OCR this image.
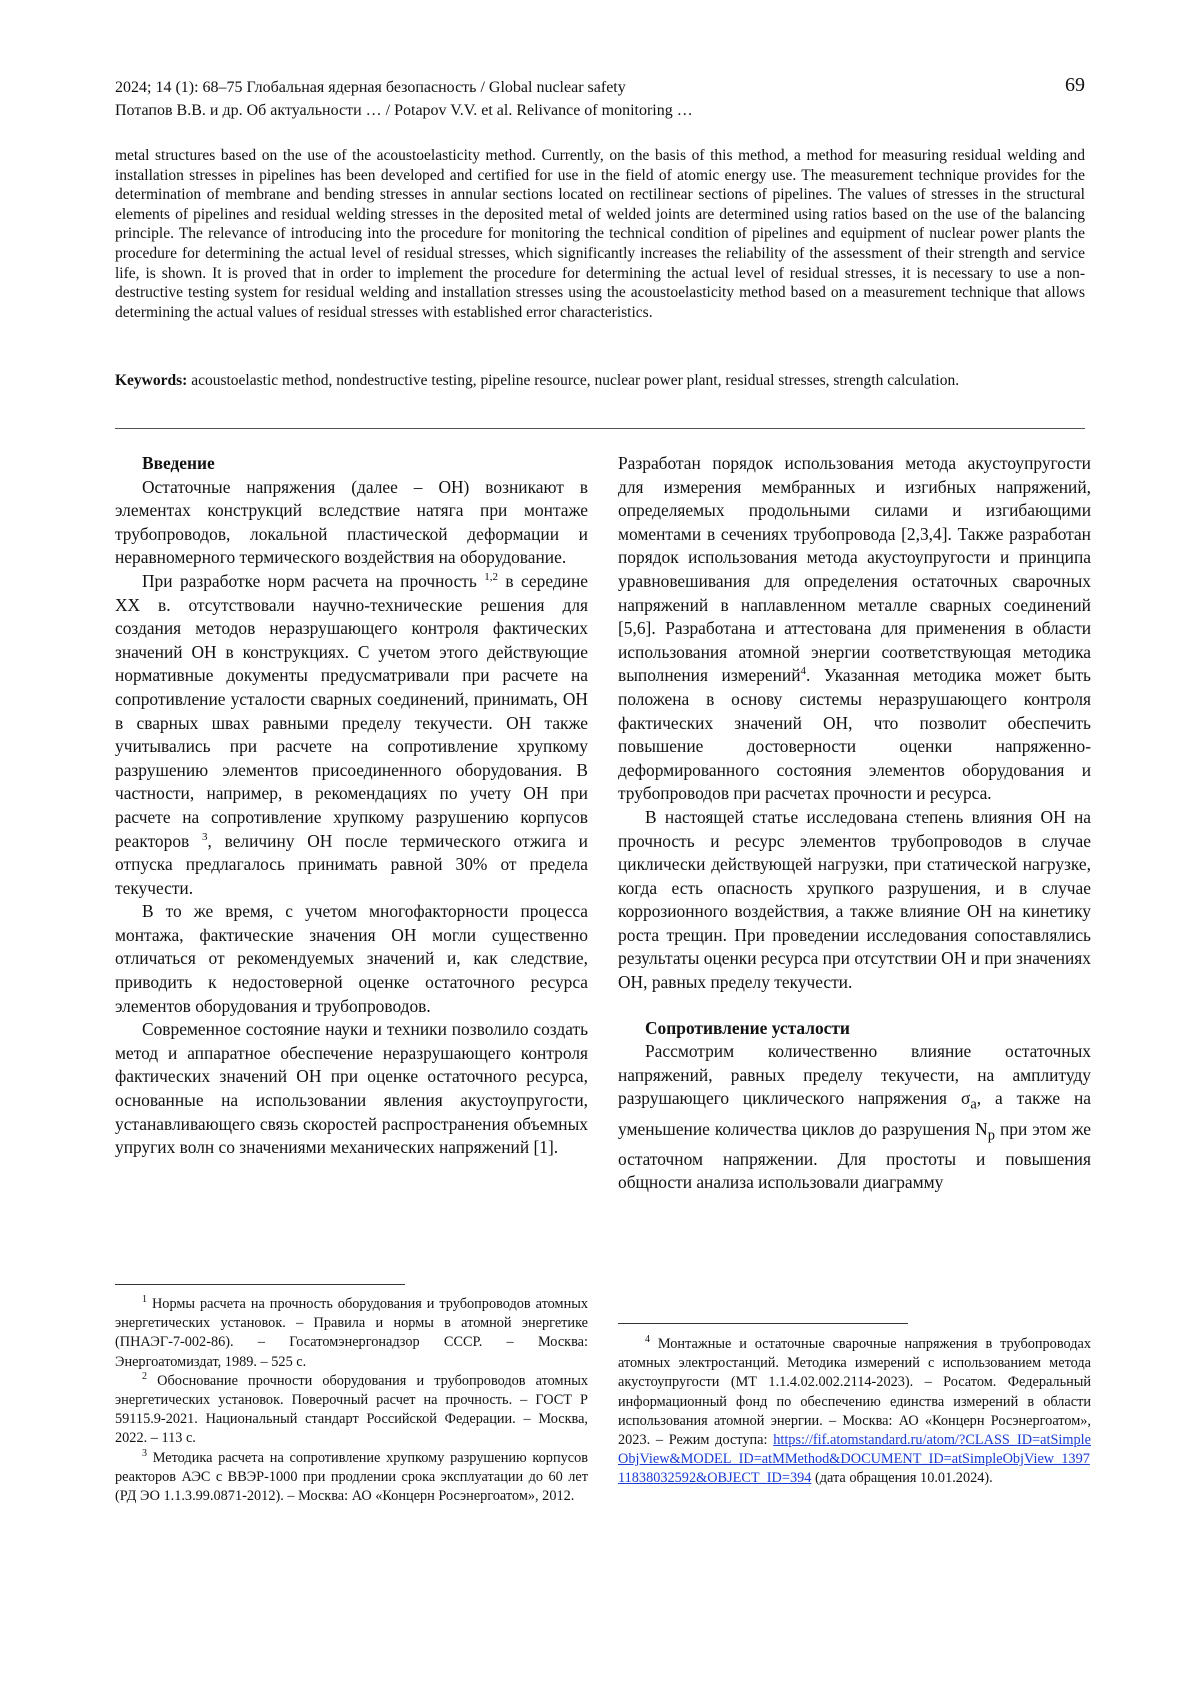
2024; 14 (1): 68–75 Глобальная ядерная безопасность / Global nuclear safety
Потапов В.В. и др. Об актуальности … / Potapov V.V. et al. Relivance of monitoring …
69
metal structures based on the use of the acoustoelasticity method. Currently, on the basis of this method, a method for measuring residual welding and installation stresses in pipelines has been developed and certified for use in the field of atomic energy use. The measurement technique provides for the determination of membrane and bending stresses in annular sections located on rectilinear sections of pipelines. The values of stresses in the structural elements of pipelines and residual welding stresses in the deposited metal of welded joints are determined using ratios based on the use of the balancing principle. The relevance of introducing into the procedure for monitoring the technical condition of pipelines and equipment of nuclear power plants the procedure for determining the actual level of residual stresses, which significantly increases the reliability of the assessment of their strength and service life, is shown. It is proved that in order to implement the procedure for determining the actual level of residual stresses, it is necessary to use a non-destructive testing system for residual welding and installation stresses using the acoustoelasticity method based on a measurement technique that allows determining the actual values of residual stresses with established error characteristics.
Keywords: acoustoelastic method, nondestructive testing, pipeline resource, nuclear power plant, residual stresses, strength calculation.
Введение

Остаточные напряжения (далее – ОН) возникают в элементах конструкций вследствие натяга при монтаже трубопроводов, локальной пластической деформации и неравномерного термического воздействия на оборудование.

При разработке норм расчета на прочность $^{1,2}$ в середине XX в. отсутствовали научно-технические решения для создания методов неразрушающего контроля фактических значений ОН в конструкциях. С учетом этого действующие нормативные документы предусматривали при расчете на сопротивление усталости сварных соединений, принимать, ОН в сварных швах равными пределу текучести. ОН также учитывались при расчете на сопротивление хрупкому разрушению элементов присоединенного оборудования. В частности, например, в рекомендациях по учету ОН при расчете на сопротивление хрупкому разрушению корпусов реакторов $^3$, величину ОН после термического отжига и отпуска предлагалось принимать равной 30% от предела текучести.

В то же время, с учетом многофакторности процесса монтажа, фактические значения ОН могли существенно отличаться от рекомендуемых значений и, как следствие, приводить к недостоверной оценке остаточного ресурса элементов оборудования и трубопроводов.

Современное состояние науки и техники позволило создать метод и аппаратное обеспечение неразрушающего контроля фактических значений ОН при оценке остаточного ресурса, основанные на использовании явления акустоупругости, устанавливающего связь скоростей распространения объемных упругих волн со значениями механических напряжений [1].

Разработан порядок использования метода акустоупругости для измерения мембранных и изгибных напряжений, определяемых продольными силами и изгибающими моментами в сечениях трубопровода [2,3,4]. Также разработан порядок использования метода акустоупругости и принципа уравновешивания для определения остаточных сварочных напряжений в наплавленном металле сварных соединений [5,6]. Разработана и аттестована для применения в области использования атомной энергии соответствующая методика выполнения измерений$^4$. Указанная методика может быть положена в основу системы неразрушающего контроля фактических значений ОН, что позволит обеспечить повышение достоверности оценки напряженно-деформированного состояния элементов оборудования и трубопроводов при расчетах прочности и ресурса.

В настоящей статье исследована степень влияния ОН на прочность и ресурс элементов трубопроводов в случае циклически действующей нагрузки, при статической нагрузке, когда есть опасность хрупкого разрушения, и в случае коррозионного воздействия, а также влияние ОН на кинетику роста трещин. При проведении исследования сопоставлялись результаты оценки ресурса при отсутствии ОН и при значениях ОН, равных пределу текучести.

Сопротивление усталости

Рассмотрим количественно влияние остаточных напряжений, равных пределу текучести, на амплитуду разрушающего циклического напряжения $\sigma_a$, а также на уменьшение количества циклов до разрушения $N_р$ при этом же остаточном напряжении. Для простоты и повышения общности анализа использовали диаграмму

$^1$ Нормы расчета на прочность оборудования и трубопроводов атомных энергетических установок. – Правила и нормы в атомной энергетике (ПНАЭГ-7-002-86). – Госатомэнергонадзор СССР. – Москва: Энергоатомиздат, 1989. – 525 с.

$^2$ Обоснование прочности оборудования и трубопроводов атомных энергетических установок. Поверочный расчет на прочность. – ГОСТ Р 59115.9-2021. Национальный стандарт Российской Федерации. – Москва, 2022. – 113 с.

$^3$ Методика расчета на сопротивление хрупкому разрушению корпусов реакторов АЭС с ВВЭР-1000 при продлении срока эксплуатации до 60 лет (РД ЭО 1.1.3.99.0871-2012). – Москва: АО «Концерн Росэнергоатом», 2012.

$^4$ Монтажные и остаточные сварочные напряжения в трубопроводах атомных электростанций. Методика измерений с использованием метода акустоупругости (МТ 1.1.4.02.002.2114-2023). – Росатом. Федеральный информационный фонд по обеспечению единства измерений в области использования атомной энергии. – Москва: АО «Концерн Росэнергоатом», 2023. – Режим доступа: https://fif.atomstandard.ru/atom/?CLASS_ID=atSimpleObjView&MODEL_ID=atMMethod&DOCUMENT_ID=atSimpleObjView_139711838032592&OBJECT_ID=394 (дата обращения 10.01.2024).
